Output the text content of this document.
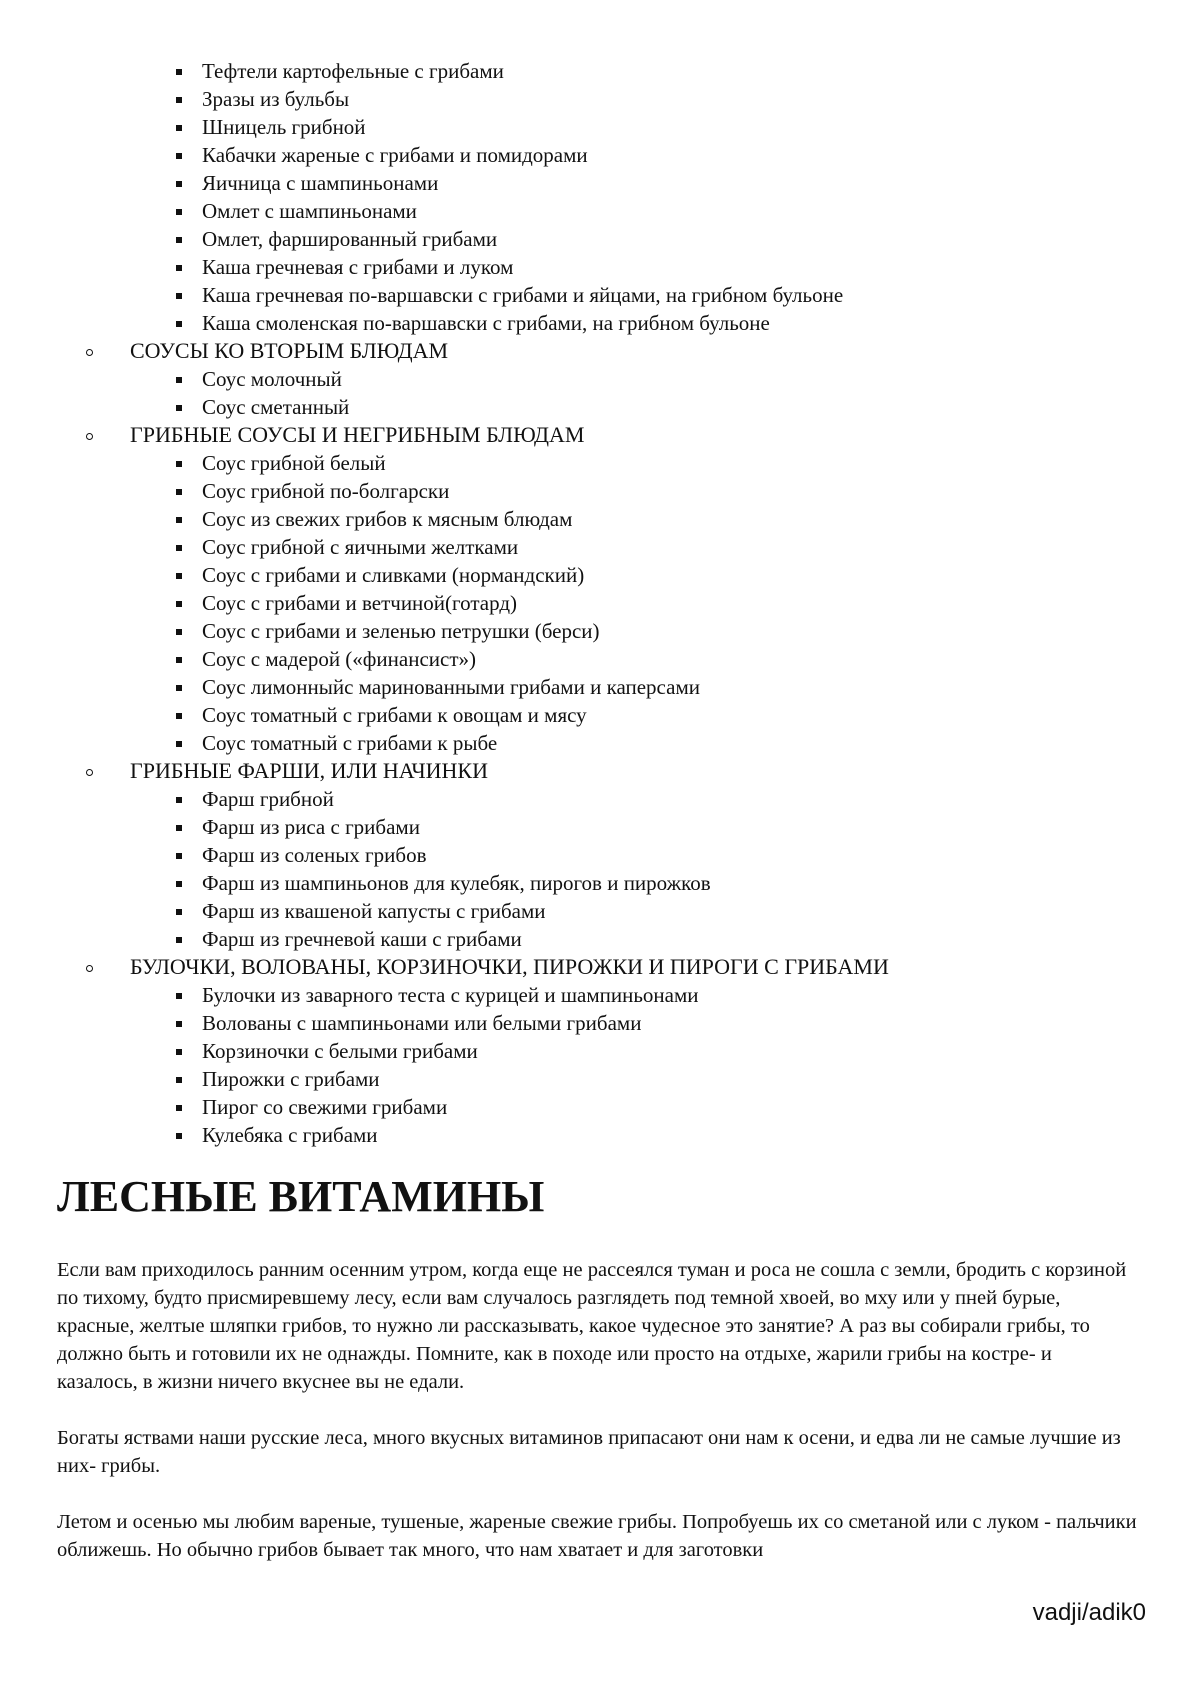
Тефтели картофельные с грибами
Зразы из бульбы
Шницель грибной
Кабачки жареные с грибами и помидорами
Яичница с шампиньонами
Омлет с шампиньонами
Омлет, фаршированный грибами
Каша гречневая с грибами и луком
Каша гречневая по-варшавски с грибами и яйцами, на грибном бульоне
Каша смоленская по-варшавски с грибами, на грибном бульоне
СОУСЫ КО ВТОРЫМ БЛЮДАМ
Соус молочный
Соус сметанный
ГРИБНЫЕ СОУСЫ И НЕГРИБНЫМ БЛЮДАМ
Соус грибной белый
Соус грибной по-болгарски
Соус из свежих грибов к мясным блюдам
Соус грибной с яичными желтками
Соус с грибами и сливками (нормандский)
Соус с грибами и ветчиной(готард)
Соус с грибами и зеленью петрушки (берси)
Соус с мадерой («финансист»)
Соус лимонныйс маринованными грибами и каперсами
Соус томатный с грибами к овощам и мясу
Соус томатный с грибами к рыбе
ГРИБНЫЕ ФАРШИ, ИЛИ НАЧИНКИ
Фарш грибной
Фарш из риса с грибами
Фарш из соленых грибов
Фарш из шампиньонов для кулебяк, пирогов и пирожков
Фарш из квашеной капусты с грибами
Фарш из гречневой каши с грибами
БУЛОЧКИ, ВОЛОВАНЫ, КОРЗИНОЧКИ, ПИРОЖКИ И ПИРОГИ С ГРИБАМИ
Булочки из заварного теста с курицей и шампиньонами
Волованы с шампиньонами или белыми грибами
Корзиночки с белыми грибами
Пирожки с грибами
Пирог со свежими грибами
Кулебяка с грибами
ЛЕСНЫЕ ВИТАМИНЫ

Если вам приходилось ранним осенним утром, когда еще не рассеялся туман и роса не сошла с земли, бродить с корзиной по тихому, будто присмиревшему лесу, если вам случалось разглядеть под темной хвоей, во мху или у пней бурые, красные, желтые шляпки грибов, то нужно ли рассказывать, какое чудесное это занятие? А раз вы собирали грибы, то должно быть и готовили их не однажды. Помните, как в походе или просто на отдыхе, жарили грибы на костре- и казалось, в жизни ничего вкуснее вы не едали.

Богаты яствами наши русские леса, много вкусных витаминов припасают они нам к осени, и едва ли не самые лучшие из них- грибы.

Летом и осенью мы любим вареные, тушеные, жареные свежие грибы. Попробуешь их со сметаной или с луком - пальчики оближешь. Но обычно грибов бывает так много, что нам хватает и для заготовки

vadji/adik0
